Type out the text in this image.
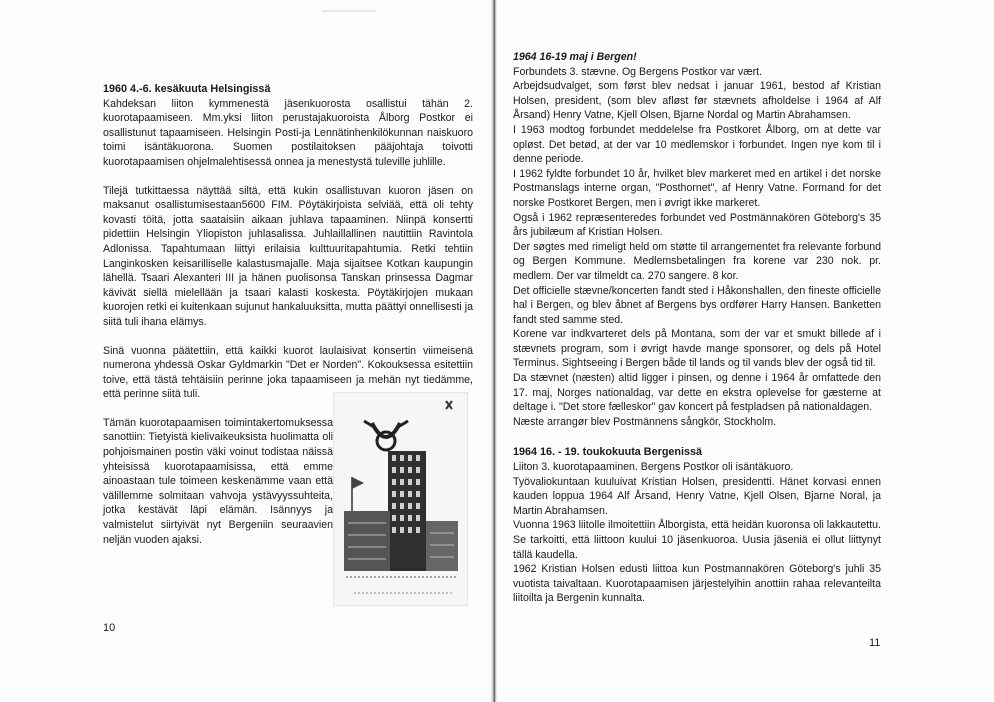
1960 4.-6. kesäkuuta Helsingissä

Kahdeksan liiton kymmenestä jäsenkuorosta osallistui tähän 2. kuorotapaamiseen. Mm.yksi liiton perustajakuoroista Ålborg Postkor ei osallistunut tapaamiseen. Helsingin Posti-ja Lennätinhenkilökunnan naiskuoro toimi isäntäkuorona. Suomen postilaitoksen pääjohtaja toivotti kuorotapaamisen ohjelmalehtisessä onnea ja menestystä tuleville juhlille.

Tilejä tutkittaessa näyttää siltä, että kukin osallistuvan kuoron jäsen on maksanut osallistumisestaan5600 FIM. Pöytäkirjoista selviää, että oli tehty kovasti töitä, jotta saataisiin aikaan juhlava tapaaminen. Niinpä konsertti pidettiin Helsingin Yliopiston juhlasalissa. Juhlaillallinen nautittiin Ravintola Adlonissa. Tapahtumaan liittyi erilaisia kulttuuritapahtumia. Retki tehtiin Langinkosken keisarilliselle kalastusmajalle. Maja sijaitsee Kotkan kaupungin lähellä. Tsaari Alexanteri III ja hänen puolisonsa Tanskan prinsessa Dagmar kävivät siellä mielellään ja tsaari kalasti koskesta. Pöytäkirjojen mukaan kuorojen retki ei kuitenkaan sujunut hankaluuksitta, mutta päättyi onnellisesti ja siitä tuli ihana elämys.

Sinä vuonna päätettiin, että kaikki kuorot laulaisivat konsertin viimeisenä numerona yhdessä Oskar Gyldmarkin "Det er Norden". Kokouksessa esitettiin toive, että tästä tehtäisiin perinne joka tapaamiseen ja mehän nyt tiedämme, että perinne siitä tuli.

Tämän kuorotapaamisen toimintakertomuksessa sanottiin: Tietyistä kielivaikeuksista huolimatta oli pohjoismainen postin väki voinut todistaa näissä yhteisissä kuorotapaamisissa, että emme ainoastaan tule toimeen keskenämme vaan että välillemme solmitaan vahvoja ystävyyssuhteita, jotka kestävät läpi elämän. Isännyys ja valmistelut siirtyivät nyt Bergeniin seuraavien neljän vuoden ajaksi.

1964 16-19 maj i Bergen!

Forbundets 3. stævne. Og Bergens Postkor var vært.
Arbejdsudvalget, som først blev nedsat i januar 1961, bestod af Kristian Holsen, president, (som blev afløst før stævnets afholdelse i 1964 af Alf Årsand) Henry Vatne, Kjell Olsen, Bjarne Nordal og Martin Abrahamsen.
I 1963 modtog forbundet meddelelse fra Postkoret Ålborg, om at dette var opløst. Det betød, at der var 10 medlemskor i forbundet. Ingen nye kom til i denne periode.
I 1962 fyldte forbundet 10 år, hvilket blev markeret med en artikel i det norske Postmanslags interne organ, "Posthornet", af Henry Vatne. Formand for det norske Postkoret Bergen, men i øvrigt ikke markeret.
Også i 1962 repræsenteredes forbundet ved Postmännakören Göteborg's 35 års jubilæum af Kristian Holsen.
Der søgtes med rimeligt held om støtte til arrangementet fra relevante forbund og Bergen Kommune. Medlemsbetalingen fra korene var 230 nok. pr. medlem. Der var tilmeldt ca. 270 sangere. 8 kor.
Det officielle stævne/koncerten fandt sted i Håkonshallen, den fineste officielle hal i Bergen, og blev åbnet af Bergens bys ordfører Harry Hansen. Banketten fandt sted samme sted.
Korene var indkvarteret dels på Montana, som der var et smukt billede af i stævnets program, som i øvrigt havde mange sponsorer, og dels på Hotel Terminus. Sightseeing i Bergen både til lands og til vands blev der også tid til.
Da stævnet (næsten) altid ligger i pinsen, og denne i 1964 år omfattede den 17. maj, Norges nationaldag, var dette en ekstra oplevelse for gæsterne at deltage i. "Det store fælleskor" gav koncert på festpladsen på nationaldagen.
Næste arrangør blev Postmännens sångkör, Stockholm.

1964 16. - 19. toukokuuta Bergenissä

Liiton 3. kuorotapaaminen. Bergens Postkor oli isäntäkuoro.
Työvaliokuntaan kuuluivat Kristian Holsen, presidentti. Hänet korvasi ennen kauden loppua 1964 Alf Årsand, Henry Vatne, Kjell Olsen, Bjarne Noral, ja Martin Abrahamsen.
Vuonna 1963 liitolle ilmoitettiin Ålborgista, että heidän kuoronsa oli lakkautettu. Se tarkoitti, että liittoon kuului 10 jäsenkuoroa. Uusia jäseniä ei ollut liittynyt tällä kaudella.
1962 Kristian Holsen edusti liittoa kun Postmannakören Göteborg's juhli 35 vuotista taivaltaan. Kuorotapaamisen järjestelyihin anottiin rahaa relevanteilta liitoilta ja Bergenin kunnalta.

10
11
